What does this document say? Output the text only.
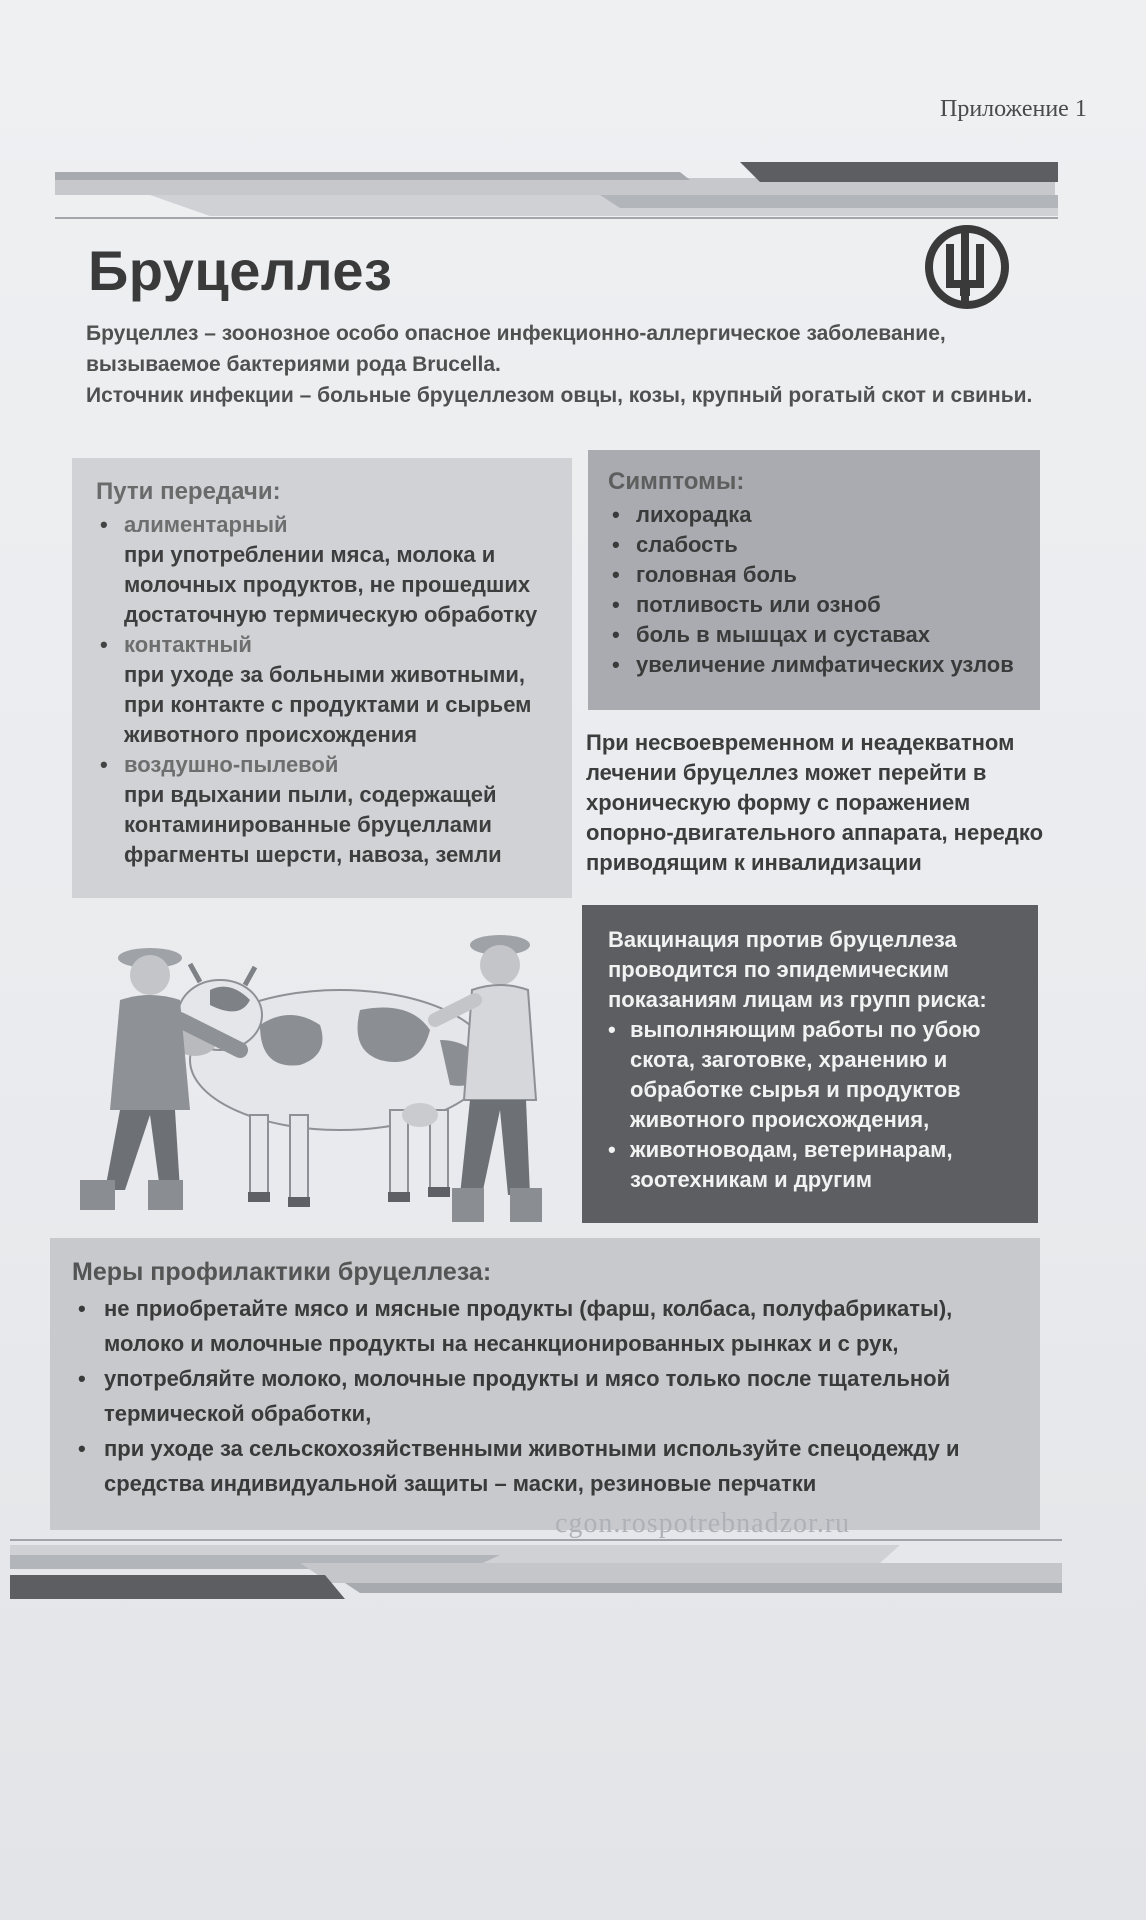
Приложение 1
Бруцеллез

Бруцеллез – зоонозное особо опасное инфекционно-аллергическое заболевание, вызываемое бактериями рода Brucella.

Источник инфекции – больные бруцеллезом овцы, козы, крупный рогатый скот и свиньи.

Пути передачи:
• алиментарный
при употреблении мяса, молока и молочных продуктов, не прошедших достаточную термическую обработку
• контактный
при уходе за больными животными, при контакте с продуктами и сырьем животного происхождения
• воздушно-пылевой
при вдыхании пыли, содержащей контаминированные бруцеллами фрагменты шерсти, навоза, земли
Симптомы:
• лихорадка
• слабость
• головная боль
• потливость или озноб
• боль в мышцах и суставах
• увеличение лимфатических узлов
При несвоевременном и неадекватном лечении бруцеллез может перейти в хроническую форму с поражением опорно-двигательного аппарата, нередко приводящим к инвалидизации
Вакцинация против бруцеллеза проводится по эпидемическим показаниям лицам из групп риска:
• выполняющим работы по убою скота, заготовке, хранению и обработке сырья и продуктов животного происхождения,
• животноводам, ветеринарам, зоотехникам и другим
Меры профилактики бруцеллеза:
• не приобретайте мясо и мясные продукты (фарш, колбаса, полуфабрикаты), молоко и молочные продукты на несанкционированных рынках и с рук,
• употребляйте молоко, молочные продукты и мясо только после тщательной термической обработки,
• при уходе за сельскохозяйственными животными используйте спецодежду и средства индивидуальной защиты – маски, резиновые перчатки
cgon.rospotrebnadzor.ru
